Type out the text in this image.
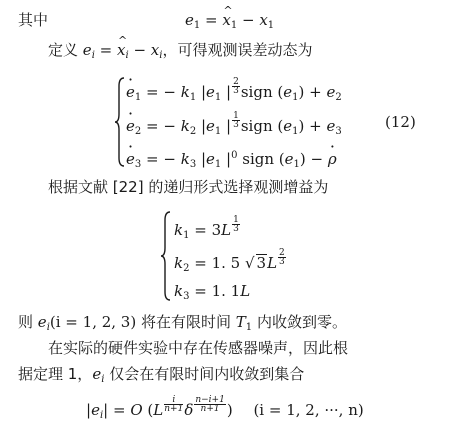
其中	$e_1$ = ^ $x_1 - x_1$
定义 $e_i$ = ^ $x_i - x_i$，可得观测误差动态为
· $e_1$ = − $k_1$ $|e_1$ | $\frac{2}{3}$ sign $(e_1) + e_2$
· $e_2$ = − $k_2$ $|e_1$ | $\frac{1}{3}$ sign $(e_1) + e_3$
(12)
· $e_3$ = − $k_3$ $|e_1$ $|^0$ sign $(e_1)$ − · ρ
根据文献 [22] 的递归形式选择观测增益为
$k_1 = 3L \frac{1}{3}$
$k_2 = 1$. 5 √ $3L \frac{2}{3}$
$k_3 = 1$. 1L
则 $e_i(i = 1$, 2, 3) 将在有限时间 $T_1$ 内收敛到零。
在实际的硬件实验中存在传感器噪声，因此根
据定理 1，$e_i$ 仅会在有限时间内收敛到集合
$|e_i| = O$ ($L \frac{i}{n+1}$ δ $\frac{n-i+1}{n+1}$ ) (i = 1, 2, ···, n)
